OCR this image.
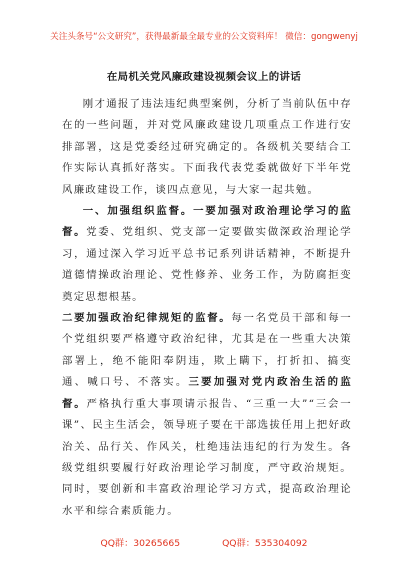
关注头条号“公文研究”，获得最新最全最专业的公文资料库！ 微信：gongwenyj
在局机关党风廉政建设视频会议上的讲话

刚才通报了违法违纪典型案例，分析了当前队伍中存在的一些问题，并对党风廉政建设几项重点工作进行安排部署，这是党委经过研究确定的。各级机关要结合工作实际认真抓好落实。下面我代表党委就做好下半年党风廉政建设工作，谈四点意见，与大家一起共勉。

一、加强组织监督。一要加强对政治理论学习的监督。党委、党组织、党支部一定要做实做深政治理论学习，通过深入学习近平总书记系列讲话精神，不断提升道德情操政治理论、党性修养、业务工作，为防腐拒变奠定思想根基。

二要加强政治纪律规矩的监督。每一名党员干部和每一个党组织要严格遵守政治纪律，尤其是在一些重大决策部署上，绝不能阳奉阴违，欺上瞒下，打折扣、搞变通、喊口号、不落实。三要加强对党内政治生活的监督。严格执行重大事项请示报告、“三重一大”“三会一课”、民主生活会，领导班子要在干部选拔任用上把好政治关、品行关、作风关，杜绝违法违纪的行为发生。各级党组织要履行好政治理论学习制度，严守政治规矩。同时，要创新和丰富政治理论学习方式，提高政治理论水平和综合素质能力。

QQ群：30265665	QQ群：535304092
